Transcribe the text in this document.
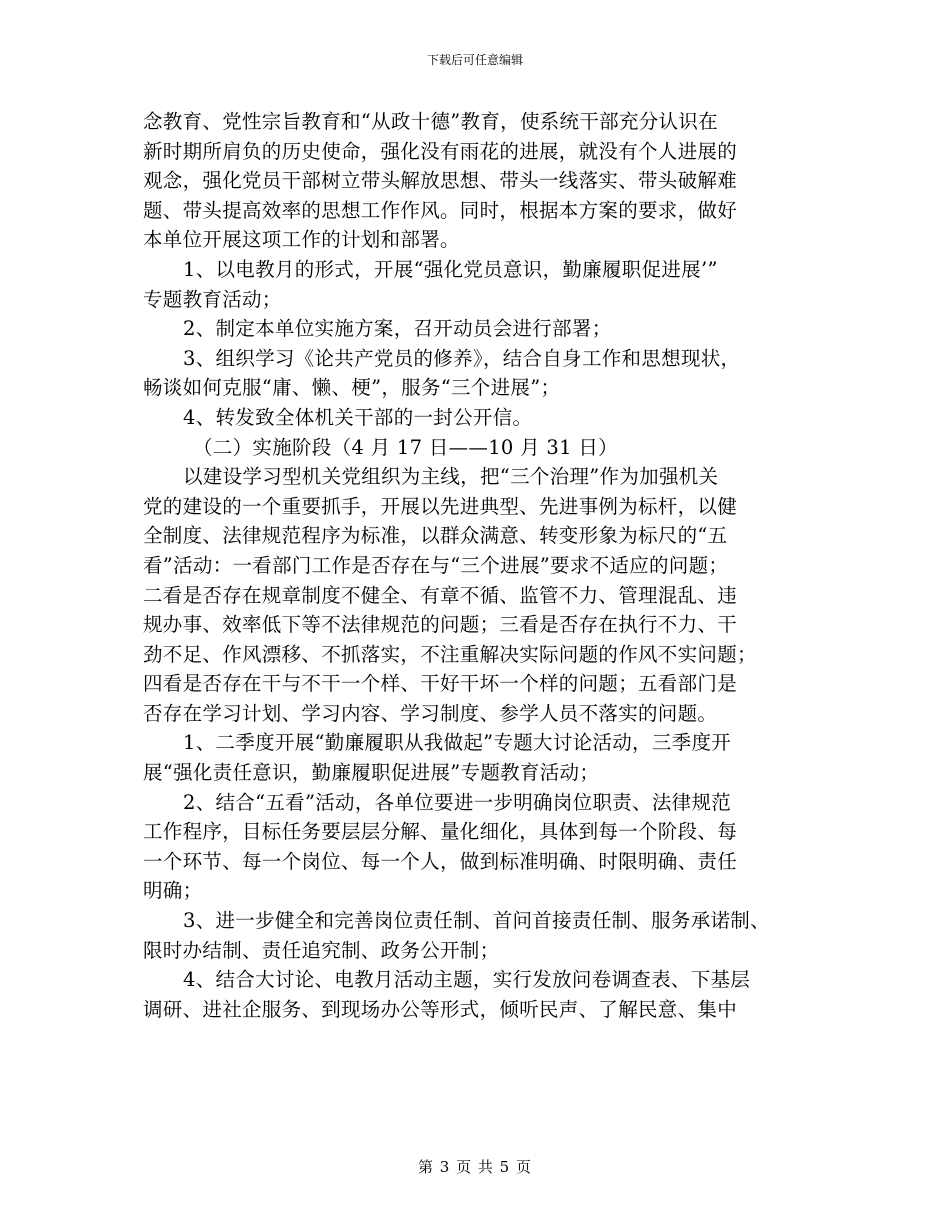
下载后可任意编辑
念教育、党性宗旨教育和“从政十德”教育，使系统干部充分认识在
新时期所肩负的历史使命，强化没有雨花的进展，就没有个人进展的
观念，强化党员干部树立带头解放思想、带头一线落实、带头破解难
题、带头提高效率的思想工作作风。同时，根据本方案的要求，做好
本单位开展这项工作的计划和部署。
1、以电教月的形式，开展“强化党员意识，勤廉履职促进展’”
专题教育活动；
2、制定本单位实施方案，召开动员会进行部署；
3、组织学习《论共产党员的修养》，结合自身工作和思想现状，
畅谈如何克服“庸、懒、梗”，服务“三个进展”；
4、转发致全体机关干部的一封公开信。
（二）实施阶段（4 月 17 日——10 月 31 日）
以建设学习型机关党组织为主线，把“三个治理”作为加强机关
党的建设的一个重要抓手，开展以先进典型、先进事例为标杆，以健
全制度、法律规范程序为标准，以群众满意、转变形象为标尺的“五
看”活动：一看部门工作是否存在与“三个进展”要求不适应的问题；
二看是否存在规章制度不健全、有章不循、监管不力、管理混乱、违
规办事、效率低下等不法律规范的问题；三看是否存在执行不力、干
劲不足、作风漂移、不抓落实，不注重解决实际问题的作风不实问题；
四看是否存在干与不干一个样、干好干坏一个样的问题；五看部门是
否存在学习计划、学习内容、学习制度、参学人员不落实的问题。
1、二季度开展“勤廉履职从我做起”专题大讨论活动，三季度开
展“强化责任意识，勤廉履职促进展”专题教育活动；
2、结合“五看”活动，各单位要进一步明确岗位职责、法律规范
工作程序，目标任务要层层分解、量化细化，具体到每一个阶段、每
一个环节、每一个岗位、每一个人，做到标准明确、时限明确、责任
明确；
3、进一步健全和完善岗位责任制、首问首接责任制、服务承诺制、
限时办结制、责任追究制、政务公开制；
4、结合大讨论、电教月活动主题，实行发放问卷调查表、下基层
调研、进社企服务、到现场办公等形式，倾听民声、了解民意、集中
第 3 页 共 5 页
